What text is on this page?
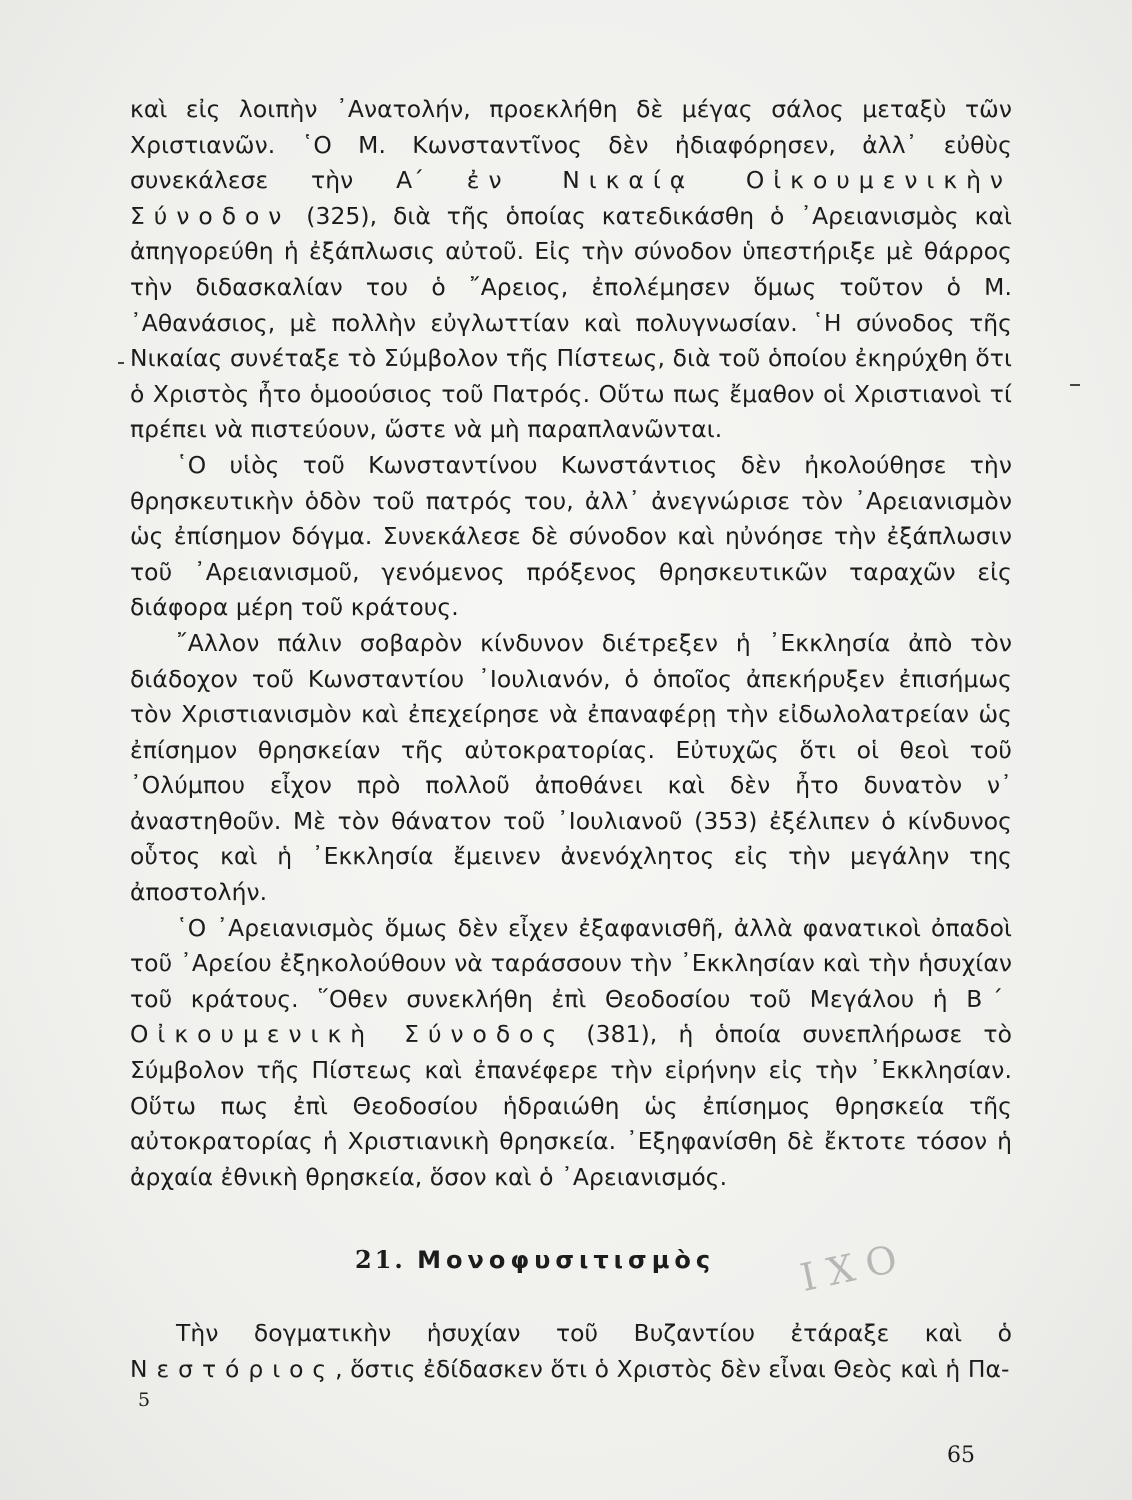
καὶ εἰς λοιπὴν ᾿Ανατολήν, προεκλήθη δὲ μέγας σάλος μεταξὺ τῶν Χριστιανῶν. ῾Ο Μ. Κωνσταντῖνος δὲν ἠδιαφόρησεν, ἀλλ᾿ εὐθὺς συνεκάλεσε τὴν Α΄ ἐν Νικαίᾳ Οἰκουμενικὴν Σύνοδον (325), διὰ τῆς ὁποίας κατεδικάσθη ὁ ᾿Αρειανισμὸς καὶ ἀπηγορεύθη ἡ ἐξάπλωσις αὐτοῦ. Εἰς τὴν σύνοδον ὑπεστήριξε μὲ θάρρος τὴν διδασκαλίαν του ὁ ῎Αρειος, ἐπολέμησεν ὅμως τοῦτον ὁ Μ. ᾿Αθανάσιος, μὲ πολλὴν εὐγλωττίαν καὶ πολυγνωσίαν. ῾Η σύνοδος τῆς Νικαίας συνέταξε τὸ Σύμβολον τῆς Πίστεως, διὰ τοῦ ὁποίου ἐκηρύχθη ὅτι ὁ Χριστὸς ἦτο ὁμοούσιος τοῦ Πατρός. Οὕτω πως ἔμαθον οἱ Χριστιανοὶ τί πρέπει νὰ πιστεύουν, ὥστε νὰ μὴ παραπλανῶνται.

῾Ο υἱὸς τοῦ Κωνσταντίνου Κωνστάντιος δὲν ἠκολούθησε τὴν θρησκευτικὴν ὁδὸν τοῦ πατρός του, ἀλλ᾿ ἀνεγνώρισε τὸν ᾿Αρειανισμὸν ὡς ἐπίσημον δόγμα. Συνεκάλεσε δὲ σύνοδον καὶ ηὐνόησε τὴν ἐξάπλωσιν τοῦ ᾿Αρειανισμοῦ, γενόμενος πρόξενος θρησκευτικῶν ταραχῶν εἰς διάφορα μέρη τοῦ κράτους.

῎Αλλον πάλιν σοβαρὸν κίνδυνον διέτρεξεν ἡ ᾿Εκκλησία ἀπὸ τὸν διάδοχον τοῦ Κωνσταντίου ᾿Ιουλιανόν, ὁ ὁποῖος ἀπεκήρυξεν ἐπισήμως τὸν Χριστιανισμὸν καὶ ἐπεχείρησε νὰ ἐπαναφέρῃ τὴν εἰδωλολατρείαν ὡς ἐπίσημον θρησκείαν τῆς αὐτοκρατορίας. Εὐτυχῶς ὅτι οἱ θεοὶ τοῦ ᾿Ολύμπου εἶχον πρὸ πολλοῦ ἀποθάνει καὶ δὲν ἦτο δυνατὸν ν᾿ ἀναστηθοῦν. Μὲ τὸν θάνατον τοῦ ᾿Ιουλιανοῦ (353) ἐξέλιπεν ὁ κίνδυνος οὗτος καὶ ἡ ᾿Εκκλησία ἔμεινεν ἀνενόχλητος εἰς τὴν μεγάλην της ἀποστολήν.

῾Ο ᾿Αρειανισμὸς ὅμως δὲν εἶχεν ἐξαφανισθῆ, ἀλλὰ φανατικοὶ ὀπαδοὶ τοῦ ᾿Αρείου ἐξηκολούθουν νὰ ταράσσουν τὴν ᾿Εκκλησίαν καὶ τὴν ἡσυχίαν τοῦ κράτους. ῞Οθεν συνεκλήθη ἐπὶ Θεοδοσίου τοῦ Μεγάλου ἡ Β΄ Οἰκουμενικὴ Σύνοδος (381), ἡ ὁποία συνεπλήρωσε τὸ Σύμβολον τῆς Πίστεως καὶ ἐπανέφερε τὴν εἰρήνην εἰς τὴν ᾿Εκκλησίαν. Οὕτω πως ἐπὶ Θεοδοσίου ἡδραιώθη ὡς ἐπίσημος θρησκεία τῆς αὐτοκρατορίας ἡ Χριστιανικὴ θρησκεία. ᾿Εξηφανίσθη δὲ ἔκτοτε τόσον ἡ ἀρχαία ἐθνικὴ θρησκεία, ὅσον καὶ ὁ ᾿Αρειανισμός.

21. Μονοφυσιτισμὸς ΙΧΟ

Τὴν δογματικὴν ἡσυχίαν τοῦ Βυζαντίου ἐτάραξε καὶ ὁ Νεστόριος, ὅστις ἐδίδασκεν ὅτι ὁ Χριστὸς δὲν εἶναι Θεὸς καὶ ἡ Πα-

5
65
